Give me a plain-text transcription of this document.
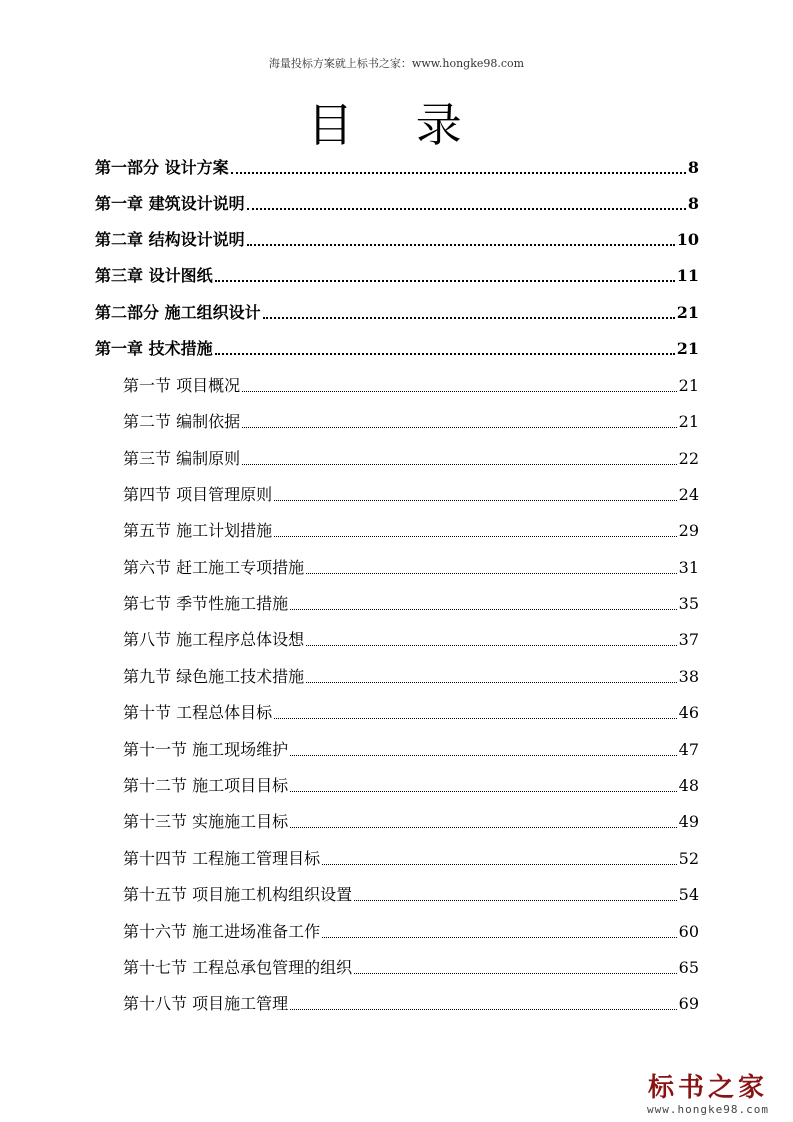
海量投标方案就上标书之家：www.hongke98.com
目 录
第一部分 设计方案	8
第一章 建筑设计说明	8
第二章 结构设计说明	10
第三章 设计图纸	11
第二部分 施工组织设计	21
第一章 技术措施	21
第一节 项目概况	21
第二节 编制依据	21
第三节 编制原则	22
第四节 项目管理原则	24
第五节 施工计划措施	29
第六节 赶工施工专项措施	31
第七节 季节性施工措施	35
第八节 施工程序总体设想	37
第九节 绿色施工技术措施	38
第十节 工程总体目标	46
第十一节 施工现场维护	47
第十二节 施工项目目标	48
第十三节 实施施工目标	49
第十四节 工程施工管理目标	52
第十五节 项目施工机构组织设置	54
第十六节 施工进场准备工作	60
第十七节 工程总承包管理的组织	65
第十八节 项目施工管理	69
标书之家
www.hongke98.com
